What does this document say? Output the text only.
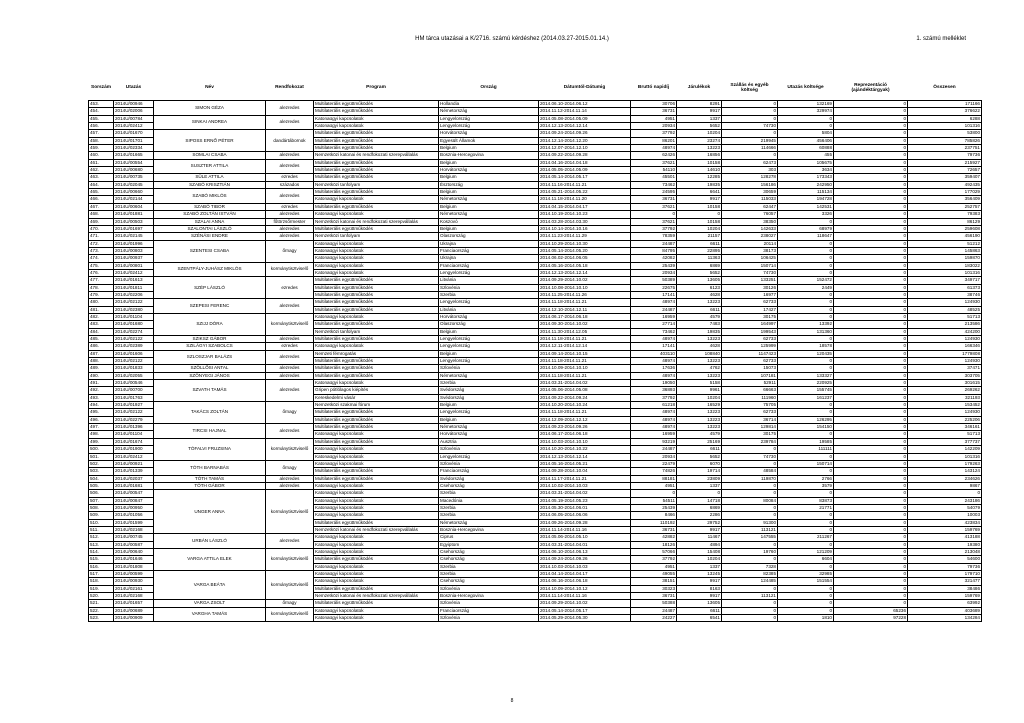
HM tárca utazásai a K/2716. számú kérdéshez (2014.03.27-2015.01.14.)	1. számú melléklet
Sorszám	Utazás	Név	Rendfokozat	Program	Ország	Dátumtól-Dátumig	Bruttó napidíj	Járulékok	Szállás és egyéb költség	Utazás költsége	Reprezentáció (ajándéktárgyak)	Összesen
453.	2014U/00946	SIMON GÉZA	alezredes	Multilaterális együttműködés	Hollandia	2014.06.10-2014.06.12	30706	8291	0	132169	0	171166
454.	2014U/02006			Multilaterális együttműködés	Németország	2014.11.12-2014.11.14	36731	9917	0	329974	0	376622
455.	2014U/00784	SINKAI ANDREA	alezredes	Katonaügyi kapcsolatok	Lengyelország	2014.05.08-2014.05.09	4951	1337	0	0	0	6288
456.	2014U/02412			Katonaügyi kapcsolatok	Lengyelország	2014.12.13-2014.12.14	20934	5652	74730	0	0	101316
457.	2014U/01670	SIPOSS ERNŐ PÉTER	dandártábornok	Multilaterális együttműködés	Horvátország	2014.09.24-2014.09.26	37792	10204	0	5804	0	53800
458.	2014U/01701			Multilaterális együttműködés	Egyesült Államok	2014.12.14-2014.12.20	86201	23274	219945	456406	0	785826
459.	2014U/02334			Multilaterális együttműködés	Belgium	2014.12.07-2014.12.10	48974	13223	114666	60888	0	237751
460.	2014U/01665	SOMLAI CSABA	alezredes	Nemzetközi katonai és rendfokozati szerepvállalás	Bosznia-Hercegovina	2014.09.22-2014.09.28	62426	16856	0	455	0	79736
461.	2014U/00554	SUSZTER ATTILA	alezredes	Multilaterális együttműködés	Belgium	2014.04.16-2014.04.18	37621	10158	62473	105675	0	215927
462.	2014U/00680			Multilaterális együttműködés	Horvátország	2014.05.05-2014.05.09	54110	14610	303	3634	0	72657
463.	2014U/00735	SÜLE ATTILA	ezredes	Multilaterális együttműködés	Belgium	2014.05.14-2014.05.17	45501	12285	128278	173343	0	359407
464.	2014U/02045	SZABÓ KRISZTIÁN	százados	Nemzetközi tanfolyam	Észtország	2014.11.16-2014.11.21	73462	19835	156186	242950	0	492435
465.	2014U/00660	SZABÓ MIKLÓS	alezredes	Multilaterális együttműködés	Belgium	2014.05.21-2014.05.22	24595	6641	30659	115134	0	177029
466.	2014U/02144			Katonaügyi kapcsolatok	Németország	2014.11.18-2014.11.20	36731	9917	115033	194728	0	356409
467.	2014U/00604	SZABÓ TIBOR	ezredes	Multilaterális együttműködés	Belgium	2014.04.15-2014.04.17	37621	10158	62447	142531	0	252757
468.	2014U/01881	SZABÓ ZOLTÁN ISTVÁN	alezredes	Katonaügyi kapcsolatok	Németország	2014.10.19-2014.10.23	0	0	76057	3326	0	79383
469.	2014U/00503	SZALAI ANNA	főtörzsőrmester	Nemzetközi katonai és rendfokozati szerepvállalás	Koszovó	2014.03.28-2014.03.30	37621	10158	38350	0	0	86129
470.	2014U/01697	SZALONTAI LÁSZLÓ	alezredes	Multilaterális együttműködés	Belgium	2014.10.14-2014.10.16	37792	10204	142633	68979	0	259608
471.	2014U/02145	SZÉNÁSI ENDRE	alezredes	Nemzetközi tanfolyam	Olaszország	2014.11.23-2014.11.29	78359	21157	238027	118647	0	456190
472.	2014U/01996	SZENTESI CSABA	őrnagy	Katonaügyi kapcsolatok	Ukrajna	2014.10.29-2014.10.30	24487	6611	20114	0	0	51212
473.	2014U/00803			Katonaügyi kapcsolatok	Franciaország	2014.05.14-2014.05.20	84795	22895	38173	0	0	145863
474.	2014U/00937			Katonaügyi kapcsolatok	Ukrajna	2014.06.02-2014.06.05	42082	11363	106425	0	0	159870
475.	2014U/00801	SZENTPÁLY-JUHÁSZ MIKLÓS	kormánytisztviselő	Katonaügyi kapcsolatok	Franciaország	2014.05.16-2014.05.18	25439	6869	150714	0	0	183022
476.	2014U/02412			Katonaügyi kapcsolatok	Lengyelország	2014.12.13-2014.12.14	20934	5652	74730	0	0	101316
477.	2014U/01613	SZÉP LÁSZLÓ	ezredes	Multilaterális együttműködés	Litvánia	2014.09.29-2014.10.02	50389	13605	133251	152472	0	349717
478.	2014U/01811			Multilaterális együttműködés	Szlovénia	2014.10.08-2014.10.10	22675	6123	30126	2449	0	61373
479.	2014U/02206			Multilaterális együttműködés	Szerbia	2014.11.25-2014.11.26	17141	4628	16977	0	0	38746
480.	2014U/02122	SZEPESI FERENC	alezredes	Multilaterális együttműködés	Lengyelország	2014.11.18-2014.11.21	48974	13223	62733	0	0	124930
481.	2014U/02380			Multilaterális együttműködés	Litvánia	2014.12.10-2014.12.11	24487	6611	17427	0	0	48525
482.	2014U/01104	SZIJJ DÓRA	kormánytisztviselő	Katonaügyi kapcsolatok	Horvátország	2014.06.17-2014.06.18	16959	4579	30175	0	0	51713
483.	2014U/01680			Multilaterális együttműködés	Olaszország	2014.09.30-2014.10.02	27714	7483	164997	13392	0	213586
484.	2014U/02274			Nemzetközi tanfolyam	Belgium	2014.11.30-2014.12.05	73462	19835	199543	131360	0	424200
485.	2014U/02122	SZIKSZ GÁBOR	alezredes	Multilaterális együttműködés	Lengyelország	2014.11.18-2014.11.21	48974	13223	62733	0	0	124930
486.	2014U/02389	SZILÁGYI SZABOLCS	ezredes	Katonaügyi kapcsolatok	Lengyelország	2014.12.11-2014.12.14	17141	4628	125999	18578	0	166346
487.	2014U/01606	SZLOSZJAR BALÁZS	alezredes	Nemzeti fémrogatás	Belgium	2014.09.14-2014.10.15	403110	108840	1147423	120435	0	1779808
488.	2014U/02122			Multilaterális együttműködés	Lengyelország	2014.11.18-2014.11.21	48974	13223	62733	0	0	124930
489.	2014U/01833	SZÖLLŐSI ANTAL	alezredes	Multilaterális együttműködés	Szlovénia	2014.10.09-2014.10.10	17636	4762	15073	0	0	37471
490.	2014U/02055	SZÖNYEGI JÁNOS	alezredes	Multilaterális együttműködés	Németország	2014.11.18-2014.11.21	48974	13223	107181	133327	0	303705
491.	2014U/00546	SZVATH TAMÁS	alezredes	Katonaügyi kapcsolatok	Szerbia	2014.03.31-2014.04.02	19050	5158	52911	220925	0	301615
492.	2014U/00700			Gripen pótlólagos kiépítés	Svédország	2014.05.06-2014.05.08	36893	9961	66663	155745	0	269262
493.	2014U/01763			Kereskedelmi vásár	Svédország	2014.09.22-2014.09.24	37792	10204	111960	161237	0	321193
494.	2014U/01927	TAKÁCS ZOLTÁN	őrnagy	Nemzetközi szakmai fórum	Belgium	2014.10.20-2014.10.24	61218	16529	75705	0	0	153452
495.	2014U/02122			Multilaterális együttműködés	Lengyelország	2014.11.18-2014.11.21	48974	13223	62733	0	0	124930
496.	2014U/02279			Multilaterális együttműködés	Belgium	2014.12.09-2014.12.12	48974	13223	36714	126295	0	225206
497.	2014U/01396	TIRCSI HAJNAL	alezredes	Multilaterális együttműködés	Németország	2014.09.23-2014.09.26	48974	13223	129814	154150	0	346161
498.	2014U/01104			Katonaügyi kapcsolatok	Horvátország	2014.06.17-2014.06.18	16959	4579	30175	0	0	51713
499.	2014U/01674	TÓFALVI FRUZSINA	kormánytisztviselő	Multilaterális együttműködés	Ausztria	2014.10.03-2014.10.10	93219	25169	239784	19585	0	377737
500.	2014U/01900			Katonaügyi kapcsolatok	Szlovénia	2014.10.20-2014.10.22	24487	6611	0	111111	0	142209
501.	2014U/02412			Katonaügyi kapcsolatok	Lengyelország	2014.12.13-2014.12.14	20934	5652	74730	0	0	101316
502.	2014U/00921	TÓTH BARNABÁS	őrnagy	Katonaügyi kapcsolatok	Szlovénia	2014.05.16-2014.05.21	22479	6070	0	150714	0	179263
503.	2014U/01339			Multilaterális együttműködés	Franciaország	2014.09.28-2014.10.04	74826	19714	48584	0	0	143124
504.	2014U/02037	TÓTH TAMÁS	alezredes	Multilaterális együttműködés	Svédország	2014.11.17-2014.11.21	88181	23809	119870	2766	0	234626
505.	2014U/01681	TÓTH GÁBOR	alezredes	Katonaügyi kapcsolatok	Csehország	2014.10.02-2014.10.03	4951	1337	0	3579	0	9867
506.	2014U/00547	UNGER ANNA	kormánytisztviselő	Katonaügyi kapcsolatok	Szerbia	2014.03.31-2014.04.02	0	0	0	0	0	0
507.	2014U/00847			Katonaügyi kapcsolatok	Macedónia	2014.05.19-2014.05.23	54511	14718	80084	83873	0	243186
508.	2014U/00950			Katonaügyi kapcsolatok	Szerbia	2014.05.30-2014.06.01	25439	6869	0	21771	0	54079
509.	2014U/01056			Katonaügyi kapcsolatok	Szerbia	2014.06.05-2014.06.06	8466	2286	0	0	0	10003
510.	2014U/01599			Multilaterális együttműködés	Németország	2014.09.26-2014.09.28	110192	29752	91300	0	0	423834
511.	2014U/02168			Nemzetközi katonai és rendfokozati szerepvállalás	Bosznia-Hercegovina	2014.11.14-2014.11.16	36731	9917	113121	0	0	159769
512.	2014U/00745	URBÁN LÁSZLÓ	alezredes	Katonaügyi kapcsolatok	Ciprus	2014.05.06-2014.05.10	42882	11467	147555	211267	0	413188
513.	2014U/00587			Katonaügyi kapcsolatok	Egyiptom	2014.03.31-2014.04.01	18126	4894	0	0	0	19380
514.	2014U/00640	VARGA ATTILA ELEK	kormánytisztviselő	Katonaügyi kapcsolatok	Csehország	2014.06.10-2014.06.13	57066	15408	19760	121209	0	213048
515.	2014U/01646			Multilaterális együttműködés	Csehország	2014.09.24-2014.09.26	37792	10204	0	6604	0	54600
516.	2014U/01808			Katonaügyi kapcsolatok	Szerbia	2014.10.03-2014.10.03	4951	1337	7328	0	0	79736
517.	2014U/00599	VARGA BEÁTA	kormánytisztviselő	Katonaügyi kapcsolatok	Szerbia	2014.04.14-2014.04.17	49055	13245	82385	32985	0	179710
518.	2014U/00930			Katonaügyi kapcsolatok	Csehország	2014.06.16-2014.06.18	38151	9917	124485	151554	0	321477
519.	2014U/02161			Multilaterális együttműködés	Szlovénia	2014.10.09-2014.10.12	30323	8163	0	0	0	38486
520.	2014U/02168			Nemzetközi katonai és rendfokozati szerepvállalás	Bosznia-Hercegovina	2014.11.14-2014.11.16	36731	9917	113121	0	0	159769
521.	2014U/01657	VARGA ZSOLT	őrnagy	Multilaterális együttműködés	Szlovénia	2014.09.29-2014.10.02	50388	13605	0	0	0	63992
522.	2014U/00689	VARGHA TAMÁS	kormánytisztviselő	Katonaügyi kapcsolatok	Franciaország	2014.05.14-2014.05.17	24487	6611	0	0	65236	403689
523.	2014U/00909			Katonaügyi kapcsolatok	Szlovénia	2014.05.29-2014.05.30	24227	6541	0	1810	97228	134284
8
